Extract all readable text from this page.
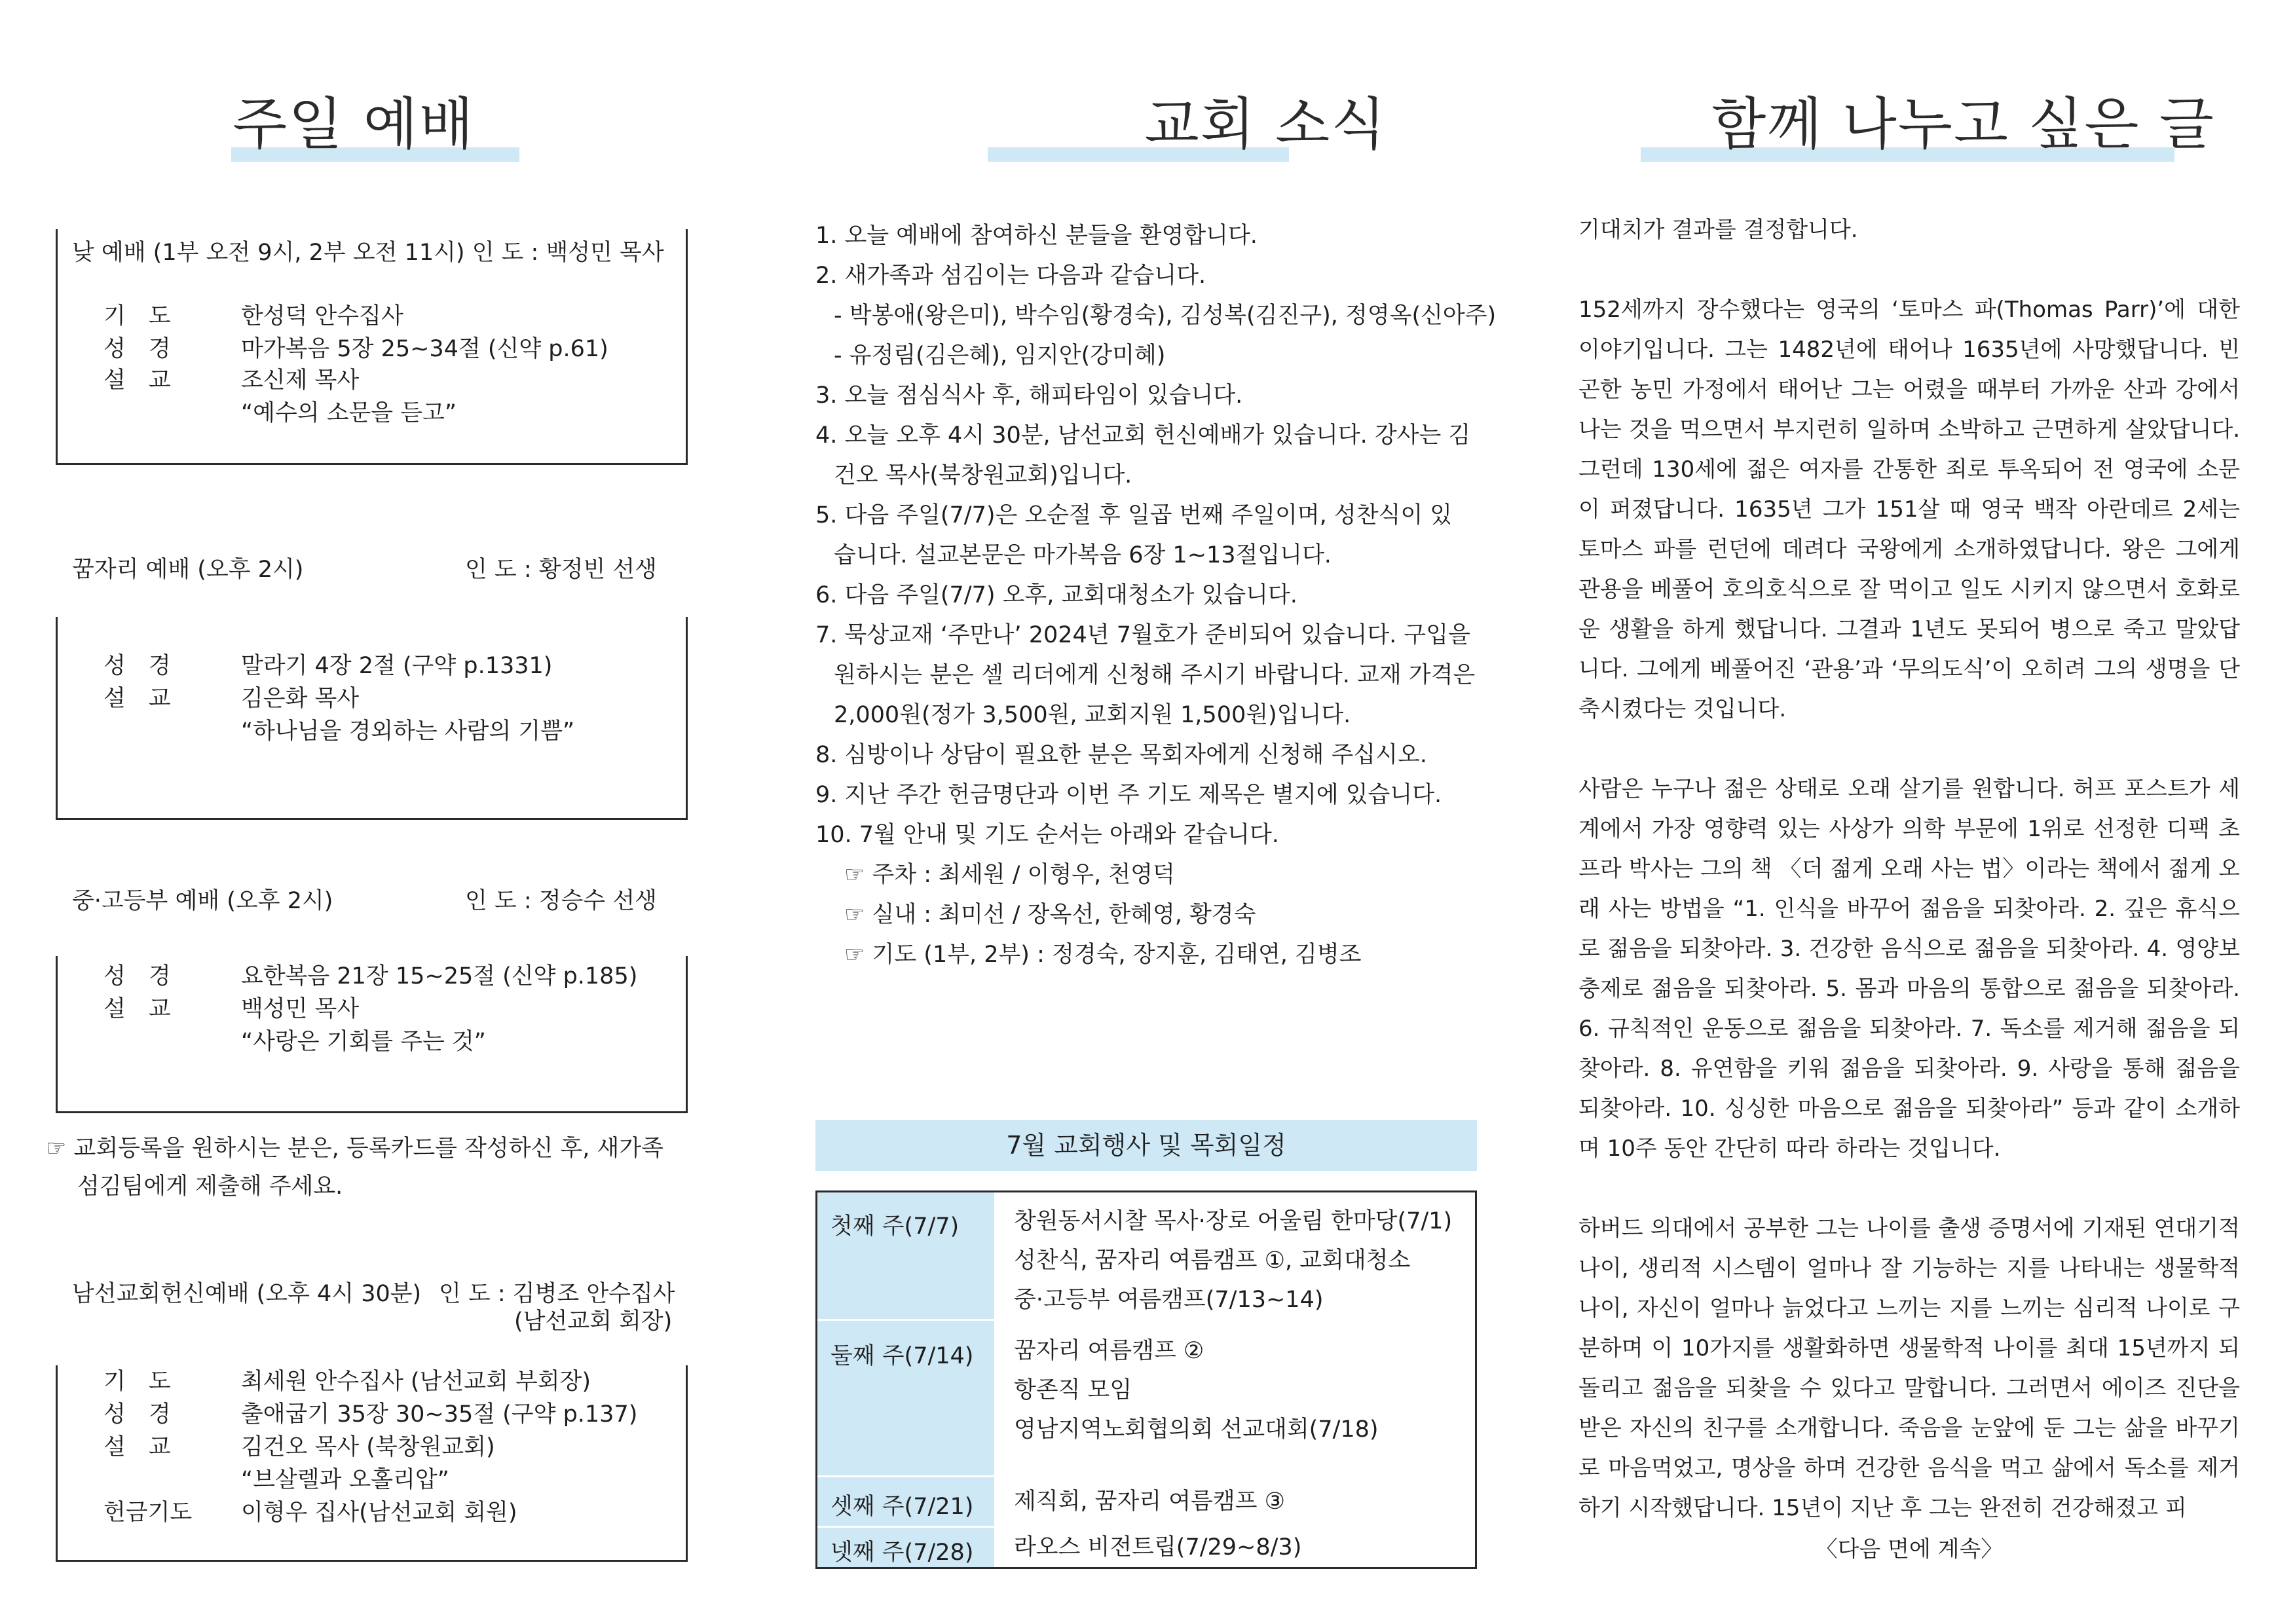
주일 예배
낮 예배 (1부 오전 9시, 2부 오전 11시) 인 도 : 백성민 목사
기 도	한성덕 안수집사
성 경	마가복음 5장 25~34절 (신약 p.61)
설 교	조신제 목사
“예수의 소문을 듣고”
꿈자리 예배 (오후 2시)	인 도 : 황정빈 선생
성 경	말라기 4장 2절 (구약 p.1331)
설 교	김은화 목사
“하나님을 경외하는 사람의 기쁨”
중·고등부 예배 (오후 2시)	인 도 : 정승수 선생
성 경	요한복음 21장 15~25절 (신약 p.185)
설 교	백성민 목사
“사랑은 기회를 주는 것”
☞ 교회등록을 원하시는 분은, 등록카드를 작성하신 후, 새가족
섬김팀에게 제출해 주세요.
남선교회헌신예배 (오후 4시 30분) 인 도 : 김병조 안수집사
(남선교회 회장)
기 도	최세원 안수집사 (남선교회 부회장)
성 경	출애굽기 35장 30~35절 (구약 p.137)
설 교	김건오 목사 (북창원교회)
“브살렐과 오홀리압”
헌금기도	이형우 집사(남선교회 회원)
교회 소식
1. 오늘 예배에 참여하신 분들을 환영합니다.
2. 새가족과 섬김이는 다음과 같습니다.
- 박봉애(왕은미), 박수임(황경숙), 김성복(김진구), 정영옥(신아주)
- 유정림(김은혜), 임지안(강미혜)
3. 오늘 점심식사 후, 해피타임이 있습니다.
4. 오늘 오후 4시 30분, 남선교회 헌신예배가 있습니다. 강사는 김
건오 목사(북창원교회)입니다.
5. 다음 주일(7/7)은 오순절 후 일곱 번째 주일이며, 성찬식이 있
습니다. 설교본문은 마가복음 6장 1~13절입니다.
6. 다음 주일(7/7) 오후, 교회대청소가 있습니다.
7. 묵상교재 ‘주만나’ 2024년 7월호가 준비되어 있습니다. 구입을
원하시는 분은 셀 리더에게 신청해 주시기 바랍니다. 교재 가격은
2,000원(정가 3,500원, 교회지원 1,500원)입니다.
8. 심방이나 상담이 필요한 분은 목회자에게 신청해 주십시오.
9. 지난 주간 헌금명단과 이번 주 기도 제목은 별지에 있습니다.
10. 7월 안내 및 기도 순서는 아래와 같습니다.
☞ 주차 : 최세원 / 이형우, 천영덕
☞ 실내 : 최미선 / 장옥선, 한혜영, 황경숙
☞ 기도 (1부, 2부) : 정경숙, 장지훈, 김태연, 김병조
7월 교회행사 및 목회일정
첫째 주(7/7) 창원동서시찰 목사·장로 어울림 한마당(7/1)
성찬식, 꿈자리 여름캠프 ①, 교회대청소
중·고등부 여름캠프(7/13~14)
둘째 주(7/14) 꿈자리 여름캠프 ②
항존직 모임
영남지역노회협의회 선교대회(7/18)
셋째 주(7/21) 제직회, 꿈자리 여름캠프 ③
넷째 주(7/28) 라오스 비전트립(7/29~8/3)
함께 나누고 싶은 글

기대치가 결과를 결정합니다.

152세까지 장수했다는 영국의 ‘토마스 파(Thomas Parr)’에 대한 이야기입니다. 그는 1482년에 태어나 1635년에 사망했답니다. 빈곤한 농민 가정에서 태어난 그는 어렸을 때부터 가까운 산과 강에서 나는 것을 먹으면서 부지런히 일하며 소박하고 근면하게 살았답니다. 그런데 130세에 젊은 여자를 간통한 죄로 투옥되어 전 영국에 소문이 퍼졌답니다. 1635년 그가 151살 때 영국 백작 아란데르 2세는 토마스 파를 런던에 데려다 국왕에게 소개하였답니다. 왕은 그에게 관용을 베풀어 호의호식으로 잘 먹이고 일도 시키지 않으면서 호화로운 생활을 하게 했답니다. 그결과 1년도 못되어 병으로 죽고 말았답니다. 그에게 베풀어진 ‘관용’과 ‘무의도식’이 오히려 그의 생명을 단축시켰다는 것입니다.

사람은 누구나 젊은 상태로 오래 살기를 원합니다. 허프 포스트가 세계에서 가장 영향력 있는 사상가 의학 부문에 1위로 선정한 디팩 초프라 박사는 그의 책 〈더 젊게 오래 사는 법〉이라는 책에서 젊게 오래 사는 방법을 “1. 인식을 바꾸어 젊음을 되찾아라. 2. 깊은 휴식으로 젊음을 되찾아라. 3. 건강한 음식으로 젊음을 되찾아라. 4. 영양보충제로 젊음을 되찾아라. 5. 몸과 마음의 통합으로 젊음을 되찾아라. 6. 규칙적인 운동으로 젊음을 되찾아라. 7. 독소를 제거해 젊음을 되찾아라. 8. 유연함을 키워 젊음을 되찾아라. 9. 사랑을 통해 젊음을 되찾아라. 10. 싱싱한 마음으로 젊음을 되찾아라” 등과 같이 소개하며 10주 동안 간단히 따라 하라는 것입니다.

하버드 의대에서 공부한 그는 나이를 출생 증명서에 기재된 연대기적 나이, 생리적 시스템이 얼마나 잘 기능하는 지를 나타내는 생물학적 나이, 자신이 얼마나 늙었다고 느끼는 지를 느끼는 심리적 나이로 구분하며 이 10가지를 생활화하면 생물학적 나이를 최대 15년까지 되돌리고 젊음을 되찾을 수 있다고 말합니다. 그러면서 에이즈 진단을 받은 자신의 친구를 소개합니다. 죽음을 눈앞에 둔 그는 삶을 바꾸기로 마음먹었고, 명상을 하며 건강한 음식을 먹고 삶에서 독소를 제거하기 시작했답니다. 15년이 지난 후 그는 완전히 건강해졌고 피

〈다음 면에 계속〉
